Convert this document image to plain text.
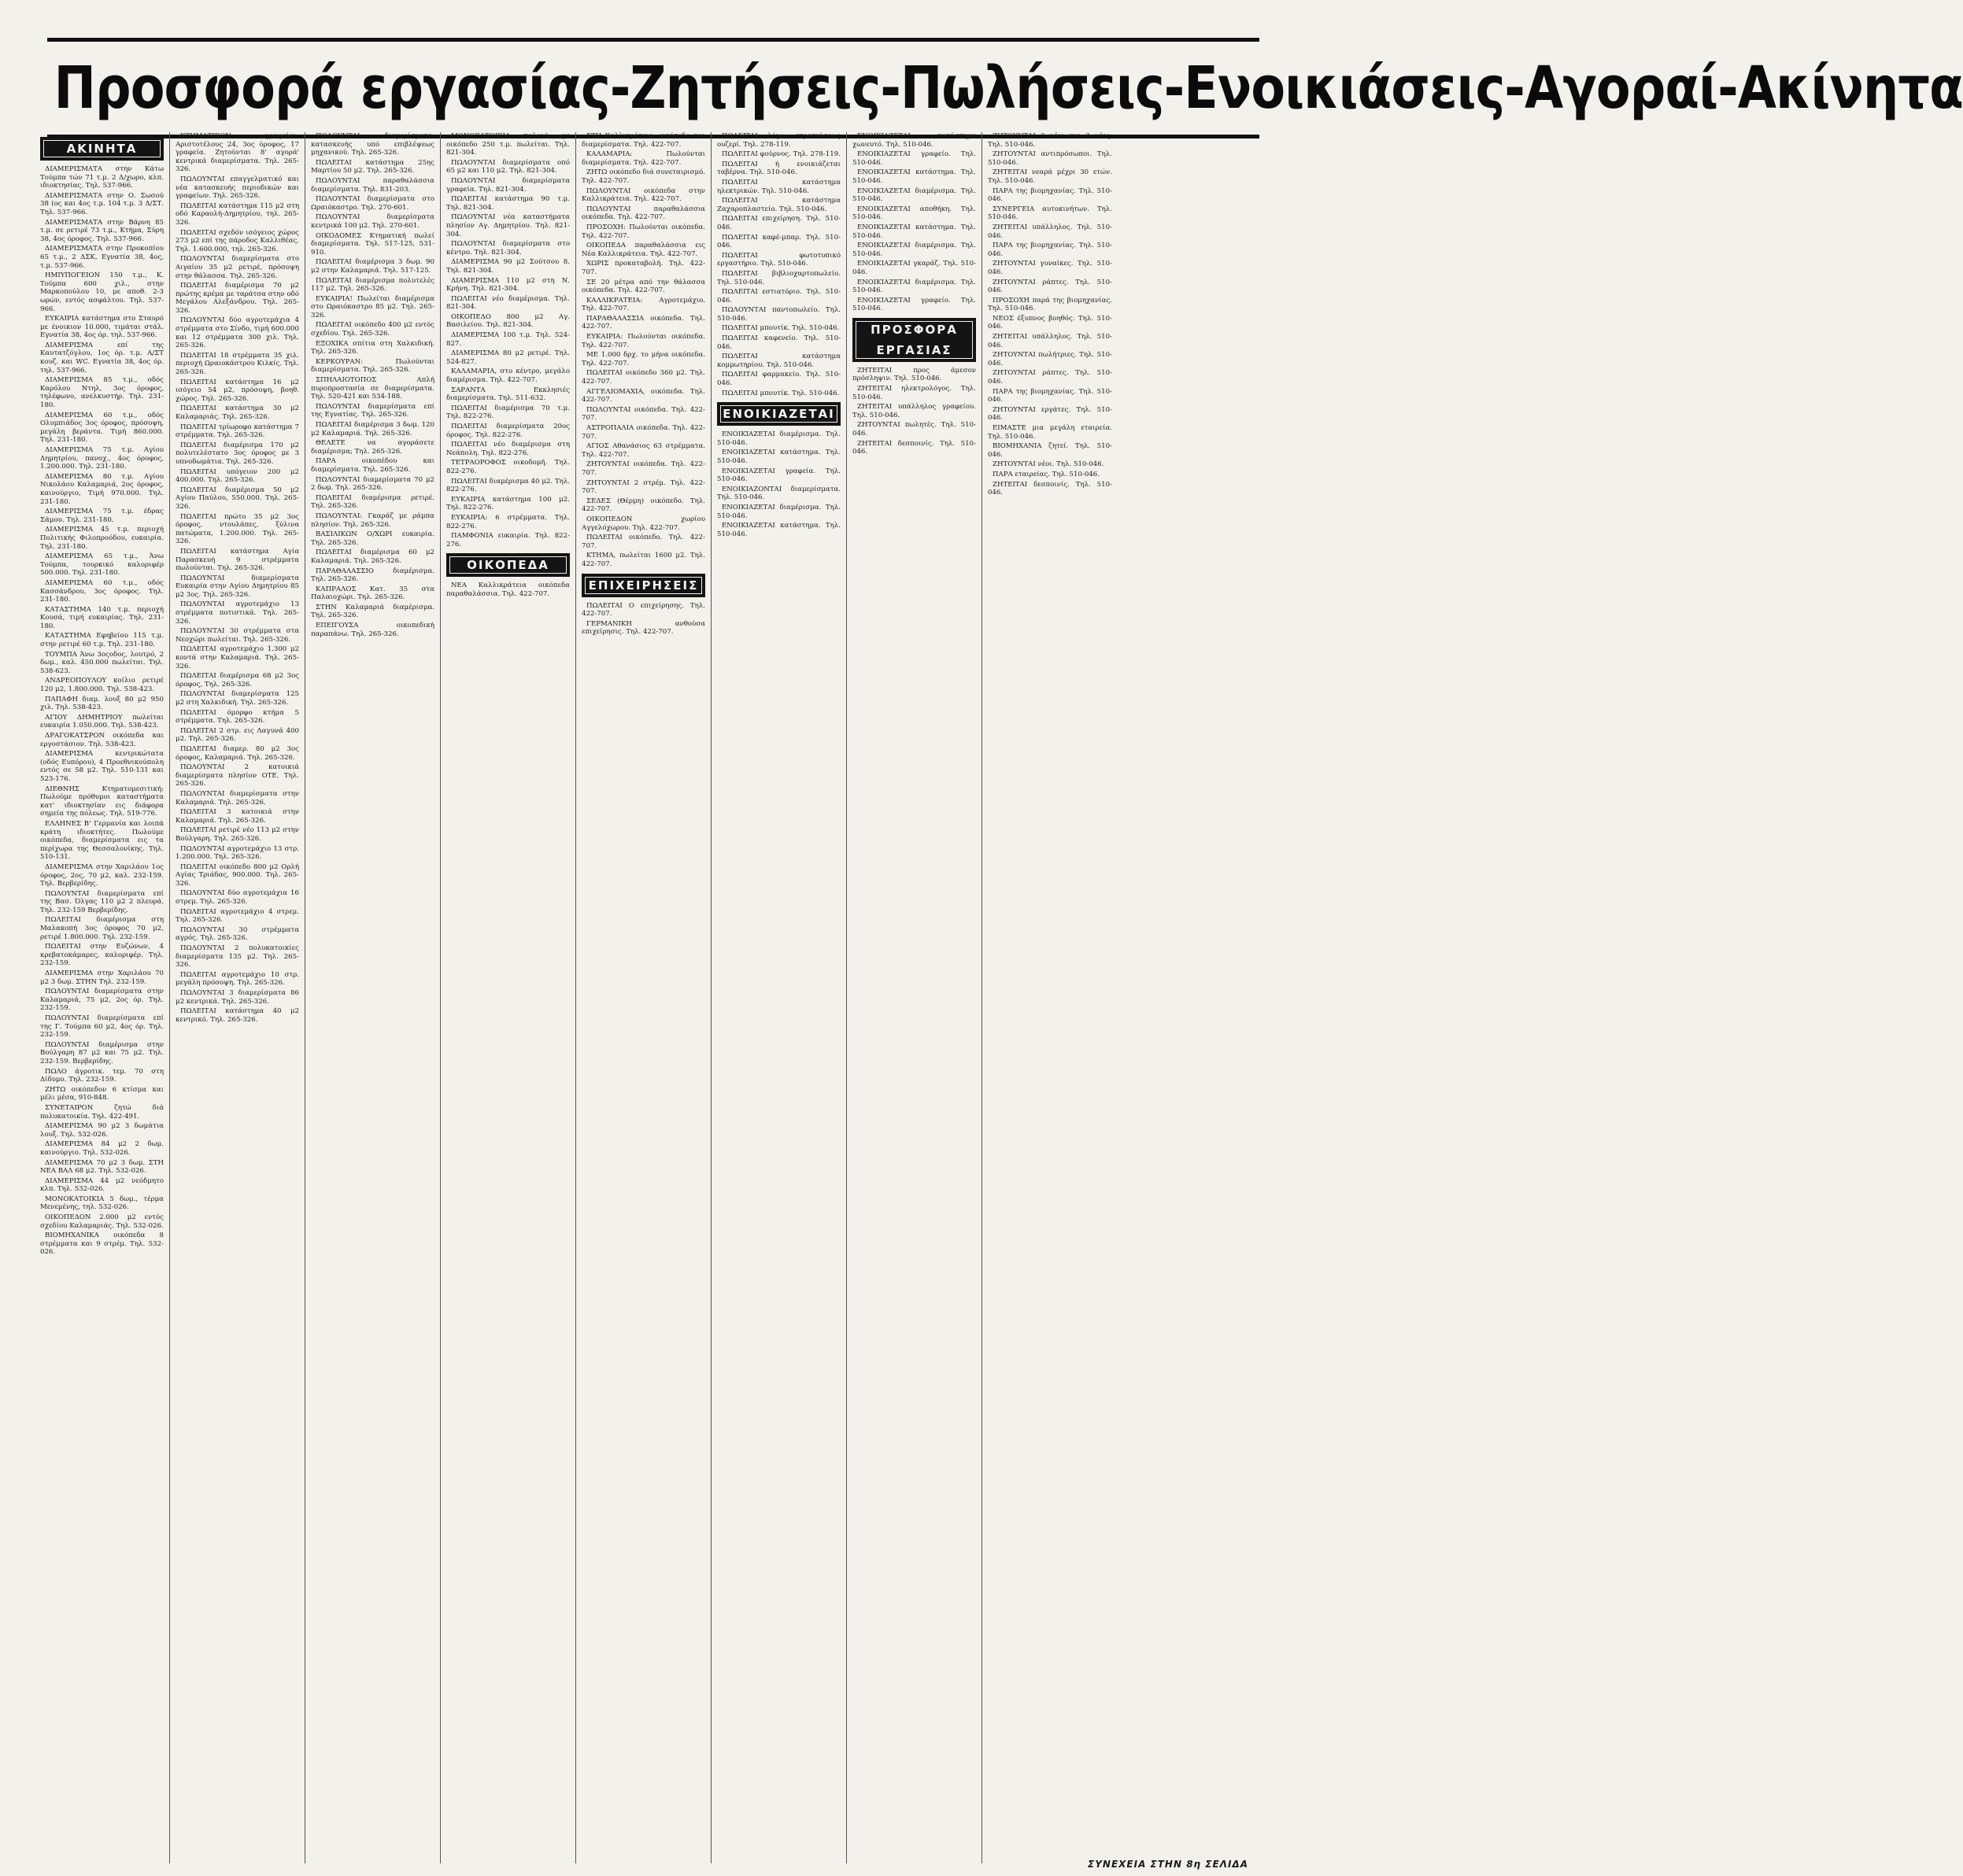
Προσφορά εργασίας-Ζητήσεις-Πωλήσεις-Ενοικιάσεις-Αγοραί-Ακίνητα
ΑΚΙΝΗΤΑ

ΔΙΑΜΕΡΙΣΜΑΤΑ στην Κάτω Τούμπα τών 71 τ.μ. 2 Δ/χωρο, κλπ. ιδιοκτησίας. Τηλ. 537-966.

ΔΙΑΜΕΡΙΣΜΑΤΑ στην Ο. Σωσού 38 (ος και 4ος τ.μ. 104 τ.μ. 3 Δ/ΣΤ. Τηλ. 537-966.

ΔΙΑΜΕΡΙΣΜΑΤΑ στην Βάρνη 85 τ.μ. σε ρετιρέ 73 τ.μ., Κτήμα, Σύρη 38, 4ος όροφος. Τηλ. 537-966.

ΔΙΑΜΕΡΙΣΜΑΤΑ στην Προκοπίου 65 τ.μ., 2 ΔΣΚ, Εγνατία 38, 4ος, τ.μ. 537-966.

ΗΜΙΥΠΟΓΕΙΟΝ 150 τ.μ., Κ. Τούμπα 600 χιλ., στην Μαρκοπούλου 10, με αποθ. 2-3 ωρών, εντός ασφάλτου. Τηλ. 537-966.

ΕΥΚΑΙΡΙΑ κατάστημα στο Σταυρό με ένοικιον 10.000, τιμάται στάλ. Εγνατία 38, 4ος όρ. τηλ. 537-966.

ΔΙΑΜΕΡΙΣΜΑ επί της Καυτατζόγλου, 1ος όρ. τ.μ. Α/ΣΤ κουζ. και WC. Εγνατία 38, 4ος όρ. τηλ. 537-966.

ΔΙΑΜΕΡΙΣΜΑ 85 τ.μ., οδός Καρόλου Ντηλ, 3ος όροφος, τηλέφωνο, ανελκυστήρ. Τηλ. 231-180.

ΔΙΑΜΕΡΙΣΜΑ 60 τ.μ., οδός Ολυμπιάδος 3ος όροφος, πρόσοψη, μεγάλη βεράντα. Τιμή 860.000. Τηλ. 231-180.

ΔΙΑΜΕΡΙΣΜΑ 75 τ.μ. Αγίου Δημητρίου, πανοχ., 4ος όροφος, 1.200.000. Τηλ. 231-180.

ΔΙΑΜΕΡΙΣΜΑ 80 τ.μ. Αγίου Νικολάου Καλαμαριά, 2ος όροφος, καινούργιο, Τιμή 970.000. Τηλ. 231-180.

ΔΙΑΜΕΡΙΣΜΑ 75 τ.μ. έδρας Σάμου. Τηλ. 231-180.

ΔΙΑΜΕΡΙΣΜΑ 45 τ.μ. περιοχή Πολιτικής Φιλοπροόδου, ευκαιρία. Τηλ. 231-180.

ΔΙΑΜΕΡΙΣΜΑ 65 τ.μ., Άνω Τούμπα, τουρκικό καλοριφέρ 500.000. Τηλ. 231-180.

ΔΙΑΜΕΡΙΣΜΑ 60 τ.μ., οδός Κασσάνδρου, 3ος όροφος. Τηλ. 231-180.

ΚΑΤΑΣΤΗΜΑ 140 τ.μ. περιοχή Κουσά, τιμή ευκαιρίας. Τηλ. 231-180.

ΚΑΤΑΣΤΗΜΑ Εφηβείου 115 τ.μ. στην ρετιρέ 60 τ.μ. Τηλ. 231-180.

ΤΟΥΜΠΑ Άνω 3οςοδος, λουτρό, 2 δωμ., καλ. 450.000 πωλείται. Τηλ. 538-623.

ΑΝΔΡΕΟΠΟΥΛΟΥ κοίλιο ρετιρέ 120 μ2, 1.800.000. Τηλ. 538-423.

ΠΑΠΑΦΗ διαμ. λουξ 80 μ2 950 χιλ. Τηλ. 538-423.

ΑΓΙΟΥ ΔΗΜΗΤΡΙΟΥ πωλείται ευκαιρία 1.050.000. Τηλ. 538-423.

ΔΡΑΓΟΚΑΤΣΡΟΝ οικόπεδα και εργοστάσιον. Τηλ. 538-423.

ΔΙΑΜΕΡΙΣΜΑ κεντρικώτατα (οδός Ευπόρου), 4 Προεθνικούπολη εντός σε 58 μ2. Τηλ. 510-131 και 523-176.

ΔΙΕΘΝΗΣ Κτηματομεσιτική: Πωλούμε πρόθυμοι καταστήματα κατ' ιδιοκτησίαν εις διάφορα σημεία της πόλεως. Τηλ. 519-776.

ΕΛΛΗΝΕΣ Β' Γερμανία και λοιπά κράτη ιδιοκτήτες. Πωλούμε οικόπεδα, διαμερίσματα εις τα περίχωρα της Θεσσαλονίκης. Τηλ. 510-131.

ΔΙΑΜΕΡΙΣΜΑ στην Χαριλάου 1ος όροφος, 2ος, 70 μ2, καλ. 232-159. Τηλ. Βερβερίδης.

ΠΩΛΟΥΝΤΑΙ διαμερίσματα επί της Βασ. Όλγας 110 μ2 2 πλευρά. Τηλ. 232-159 Βερβερίδης.

ΠΩΛΕΙΤΑΙ διαμέρισμα στη Μαλακοπή 3ος όροφος 70 μ2, ρετιρέ 1.800.000. Τηλ. 232-159.

ΠΩΛΕΙΤΑΙ στην Ευζώνων, 4 κρεβατοκάμαρες, καλοριφέρ. Τηλ. 232-159.

ΔΙΑΜΕΡΙΣΜΑ στην Χαριλάου 70 μ2 3 δωμ. ΣΤΗΝ Τηλ. 232-159.

ΠΩΛΟΥΝΤΑΙ διαμερίσματα στην Καλαμαριά, 75 μ2, 2ος όρ. Τηλ. 232-159.

ΠΩΛΟΥΝΤΑΙ διαμερίσματα επί της Γ. Τούμπα 60 μ2, 4ος όρ. Τηλ. 232-159.

ΠΩΛΟΥΝΤΑΙ διαμέρισμα στην Βούλγαρη 87 μ2 και 75 μ2. Τηλ. 232-159. Βερβερίδης.

ΠΩΛΟ άγροτικ. τεμ. 70 στη Δίδυμο. Τηλ. 232-159.

ΖΗΤΩ οικόπεδον 6 κτίσμα και μέλι μέσα, 910-848.

ΣΥΝΕΤΑΙΡΟΝ ζητώ διά πολυκατοικία. Τηλ. 422-491.

ΔΙΑΜΕΡΙΣΜΑ 90 μ2 3 δωμάτια λουξ. Τηλ. 532-026.

ΔΙΑΜΕΡΙΣΜΑ 84 μ2 2 δωμ. καινούργιο. Τηλ. 532-026.

ΔΙΑΜΕΡΙΣΜΑ 70 μ2 3 δωμ. ΣΤΗ ΝΕΑ ΒΑΛ 68 μ2. Τηλ. 532-026.

ΔΙΑΜΕΡΙΣΜΑ 44 μ2 νεόδμητο κλπ. Τηλ. 532-026.

ΜΟΝΟΚΑΤΟΙΚΙΑ 5 δωμ., τέρμα Μενεμένης, τηλ. 532-026.

ΟΙΚΟΠΕΔΟΝ 2.000 μ2 εντός σχεδίου Καλαμαριάς. Τηλ. 532-026.

ΒΙΟΜΗΧΑΝΙΚΑ οικόπεδα 8 στρέμματα και 9 στρέμ. Τηλ. 532-026.

ΚΤΗΜΑΤΙΚΟΝ γραφείον, Αριστοτέλους 24, 3ος όροφος, 17 γραφεία. Ζητούνται 8' αγορά' κεντρικά διαμερίσματα. Τηλ. 265-326.

ΠΩΛΟΥΝΤΑΙ επαγγελματικό και νέα κατασκευής περιοδικών και γραφείων. Τηλ. 265-326.

ΠΩΛΕΙΤΑΙ κατάστημα 115 μ2 στη οδό Καραολή-Δημητρίου, τηλ. 265-326.

ΠΩΛΕΙΤΑΙ σχεδόν ισόγειος χώρος 273 μ2 επί της πάροδος Καλλιθέας. Τηλ. 1.600.000, τηλ. 265-326.

ΠΩΛΟΥΝΤΑΙ διαμερίσματα στο Αιγαίου 35 μ2 ρετιρέ, πρόσοψη στην θάλασσα. Τηλ. 265-326.

ΠΩΛΕΙΤΑΙ διαμέρισμα 70 μ2 πρώτης κρέμα με ταράτσα στην οδό Μεγάλου Αλεξάνδρου. Τηλ. 265-326.

ΠΩΛΟΥΝΤΑΙ δύο αγροτεμάχια 4 στρέμματα στο Σίνδο, τιμή 600.000 και 12 στρέμματα 300 χιλ. Τηλ. 265-326.

ΠΩΛΕΙΤΑΙ 18 στρέμματα 35 χιλ. περιοχή Ωραιοκάστρου Κιλκίς. Τηλ. 265-326.

ΠΩΛΕΙΤΑΙ κατάστημα 16 μ2 ισόγειο 54 μ2, πρόσοψη, βοηθ. χώρος. Τηλ. 265-326.

ΠΩΛΕΙΤΑΙ κατάστημα 30 μ2 Καλαμαριάς. Τηλ. 265-326.

ΠΩΛΕΙΤΑΙ τρίωροφο κατάστημα 7 στρέμματα. Τηλ. 265-326.

ΠΩΛΕΙΤΑΙ διαμέρισμα 170 μ2 πολυτελέστατο 3ος όροφος με 3 υπνοδωμάτια. Τηλ. 265-326.

ΠΩΛΕΙΤΑΙ υπόγειον 200 μ2 400.000. Τηλ. 265-326.

ΠΩΛΕΙΤΑΙ διαμέρισμα 50 μ2 Αγίου Παύλου, 550.000. Τηλ. 265-326.

ΠΩΛΕΙΤΑΙ πρώτο 35 μ2 3ος όροφος, ντουλάπες, ξύλινα πατώματα, 1.200.000. Τηλ. 265-326.

ΠΩΛΕΙΤΑΙ κατάστημα Αγία Παρασκευή 9 στρέμματα πωλούνται. Τηλ. 265-326.

ΠΩΛΟΥΝΤΑΙ διαμερίσματα Ευκαιρία στην Αγίου Δημητρίου 85 μ2 3ος. Τηλ. 265-326.

ΠΩΛΟΥΝΤΑΙ αγροτεμάχιο 13 στρέμματα ποτιστικά. Τηλ. 265-326.

ΠΩΛΟΥΝΤΑΙ 30 στρέμματα στα Νεοχώρι πωλείται. Τηλ. 265-326.

ΠΩΛΕΙΤΑΙ αγροτεμάχιο 1.300 μ2 κοντά στην Καλαμαριά. Τηλ. 265-326.

ΠΩΛΕΙΤΑΙ διαμέρισμα 68 μ2 3ος όροφος, Τηλ. 265-326.

ΠΩΛΟΥΝΤΑΙ διαμερίσματα 125 μ2 στη Χαλκιδική. Τηλ. 265-326.

ΠΩΛΕΙΤΑΙ όμορφο κτήμα 5 στρέμματα. Τηλ. 265-326.

ΠΩΛΕΙΤΑΙ 2 στρ. εις Λαγυνά 400 μ2. Τηλ. 265-326.

ΠΩΛΕΙΤΑΙ διαμερ. 80 μ2 3ος όροφος, Καλαμαριά. Τηλ. 265-326.

ΠΩΛΟΥΝΤΑΙ 2 κατοικιά διαμερίσματα πλησίον ΟΤΕ. Τηλ. 265-326.

ΠΩΛΟΥΝΤΑΙ διαμερίσματα στην Καλαμαριά. Τηλ. 265-326.

ΠΩΛΕΙΤΑΙ 3 κατοικιά στην Καλαμαριά. Τηλ. 265-326.

ΠΩΛΕΙΤΑΙ ρετιρέ νέο 113 μ2 στην Βούλγαρη. Τηλ. 265-326.

ΠΩΛΟΥΝΤΑΙ αγροτεμάχιο 13 στρ. 1.200.000. Τηλ. 265-326.

ΠΩΛΕΙΤΑΙ οικόπεδο 800 μ2 Ορλή Αγίας Τριάδας, 900.000. Τηλ. 265-326.

ΠΩΛΟΥΝΤΑΙ δύο αγροτεμάχια 16 στρεμ. Τηλ. 265-326.

ΠΩΛΕΙΤΑΙ αγροτεμάχιο 4 στρεμ. Τηλ. 265-326.

ΠΩΛΟΥΝΤΑΙ 30 στρέμματα αγρός. Τηλ. 265-326.

ΠΩΛΟΥΝΤΑΙ 2 πολυκατοικίες διαμερίσματα 135 μ2. Τηλ. 265-326.

ΠΩΛΕΙΤΑΙ αγροτεμάχιο 10 στρ. μεγάλη πρόσοψη. Τηλ. 265-326.

ΠΩΛΟΥΝΤΑΙ 3 διαμερίσματα 86 μ2 κεντρικά. Τηλ. 265-326.

ΠΩΛΕΙΤΑΙ κατάστημα 40 μ2 κεντρικό. Τηλ. 265-326.

ΠΩΛΟΥΝΤΑΙ διαμερίσματα, κατασκευής υπό επιβλέψεως μηχανικού. Τηλ. 265-326.

ΠΩΛΕΙΤΑΙ κατάστημα 25ης Μαρτίου 50 μ2. Τηλ. 265-326.

ΠΩΛΟΥΝΤΑΙ παραθαλάσσια διαμερίσματα. Τηλ. 831-203.

ΠΩΛΟΥΝΤΑΙ διαμερίσματα στο Ωραιόκαστρο. Τηλ. 270-601.

ΠΩΛΟΥΝΤΑΙ διαμερίσματα κεντρικά 100 μ2. Τηλ. 270-601.

ΟΙΚΟΔΟΜΕΣ Κτηματική πωλεί διαμερίσματα. Τηλ. 517-125, 531-910.

ΠΩΛΕΙΤΑΙ διαμέρισμα 3 δωμ. 90 μ2 στην Καλαμαριά. Τηλ. 517-125.

ΠΩΛΕΙΤΑΙ διαμέρισμα πολυτελές 117 μ2. Τηλ. 265-326.

ΕΥΚΑΙΡΙΑ! Πωλείται διαμέρισμα στο Ωραιόκαστρο 85 μ2. Τηλ. 265-326.

ΠΩΛΕΙΤΑΙ οικόπεδο 400 μ2 εντός σχεδίου. Τηλ. 265-326.

ΕΞΟΧΙΚΑ σπίτια στη Χαλκιδική. Τηλ. 265-326.

ΚΕΡΚΟΥΡΑΝ: Πωλούνται διαμερίσματα. Τηλ. 265-326.

ΣΠΗΛΑΙΟΤΟΠΟΣ Απλή πυροπροστασία σε διαμερίσματα. Τηλ. 520-421 και 534-188.

ΠΩΛΟΥΝΤΑΙ διαμερίσματα επί της Εγνατίας. Τηλ. 265-326.

ΠΩΛΕΙΤΑΙ διαμέρισμα 3 δωμ. 120 μ2 Καλαμαριά. Τηλ. 265-326.

ΘΕΛΕΤΕ να αγοράσετε διαμέρισμα; Τηλ. 265-326.

ΠΑΡΑ οικοπέδου και διαμερίσματα. Τηλ. 265-326.

ΠΩΛΟΥΝΤΑΙ διαμερίσματα 70 μ2 2 δωμ. Τηλ. 265-326.

ΠΩΛΕΙΤΑΙ διαμέρισμα ρετιρέ. Τηλ. 265-326.

ΠΩΛΟΥΝΤΑΙ: Γκαράζ με ράμπα πλησίον. Τηλ. 265-326.

ΒΑΣΙΛΙΚΩΝ Ο/ΧΩΡΙ ευκαιρία. Τηλ. 265-326.

ΠΩΛΕΙΤΑΙ διαμέρισμα 60 μ2 Καλαμαριά. Τηλ. 265-326.

ΠΑΡΑΘΑΛΑΣΣΙΟ διαμέρισμα. Τηλ. 265-326.

ΚΑΠΡΑΛΟΣ Κατ. 35 στα Παλαιοχώρι. Τηλ. 265-326.

ΣΤΗΝ Καλαμαριά διαμέρισμα. Τηλ. 265-326.

ΕΠΕΙΓΟΥΣΑ οικοπεδική παραπάνω. Τηλ. 265-326.

ΜΟΝΟΚΑΤΟΙΚΙΑ παλαιά με οικόπεδο 250 τ.μ. πωλείται. Τηλ. 821-304.

ΠΩΛΟΥΝΤΑΙ διαμερίσματα οπό 65 μ2 και 110 μ2. Τηλ. 821-304.

ΠΩΛΟΥΝΤΑΙ διαμερίσματα γραφεία. Τηλ. 821-304.

ΠΩΛΕΙΤΑΙ κατάστημα 90 τ.μ. Τηλ. 821-304.

ΠΩΛΟΥΝΤΑΙ νέα καταστήματα πλησίον Αγ. Δημητρίου. Τηλ. 821-304.

ΠΩΛΟΥΝΤΑΙ διαμερίσματα στο κέντρο. Τηλ. 821-304.

ΔΙΑΜΕΡΙΣΜΑ 90 μ2 Σούτσου 8. Τηλ. 821-304.

ΔΙΑΜΕΡΙΣΜΑ 110 μ2 στη Ν. Κρήνη. Τηλ. 821-304.

ΠΩΛΕΙΤΑΙ νέο διαμέρισμα. Τηλ. 821-304.

ΟΙΚΟΠΕΔΟ 800 μ2 Αγ. Βασιλείου. Τηλ. 821-304.

ΔΙΑΜΕΡΙΣΜΑ 100 τ.μ. Τηλ. 524-827.

ΔΙΑΜΕΡΙΣΜΑ 80 μ2 ρετιρέ. Τηλ. 524-827.

ΚΑΛΑΜΑΡΙΑ, στο κέντρο, μεγάλο διαμέρισμα. Τηλ. 422-707.

ΣΑΡΑΝΤΑ Εκκλησιές διαμερίσματα. Τηλ. 511-632.

ΠΩΛΕΙΤΑΙ διαμέρισμα 70 τ.μ. Τηλ. 822-276.

ΠΩΛΕΙΤΑΙ διαμερίσματα 20ος όροφος. Τηλ. 822-276.

ΠΩΛΕΙΤΑΙ νέο διαμέρισμα στη Νεάπολη. Τηλ. 822-276.

ΤΕΤΡΑΟΡΟΦΟΣ οικοδομή. Τηλ. 822-276.

ΠΩΛΕΙΤΑΙ διαμέρισμα 40 μ2. Τηλ. 822-276.

ΕΥΚΑΙΡΙΑ κατάστημα 100 μ2. Τηλ. 822-276.

ΕΥΚΑΙΡΙΑ: 6 στρέμματα. Τηλ. 822-276.

ΠΑΜΦΟΝΙΑ ευκαιρία. Τηλ. 822-276.

ΟΙΚΟΠΕΔΑ

ΝΕΑ Καλλικράτεια οικόπεδα παραθαλάσσια. Τηλ. 422-707.

ΣΤΗ Καλλικράτεια, οικόπεδα και διαμερίσματα. Τηλ. 422-707.

ΚΑΛΑΜΑΡΙΑ: Πωλούνται διαμερίσματα. Τηλ. 422-707.

ΖΗΤΩ οικόπεδο διά συνεταιρισμό. Τηλ. 422-707.

ΠΩΛΟΥΝΤΑΙ οικόπεδα στην Καλλικράτεια. Τηλ. 422-707.

ΠΩΛΟΥΝΤΑΙ παραθαλάσσια οικόπεδα. Τηλ. 422-707.

ΠΡΟΣΟΧΗ: Πωλούνται οικόπεδα. Τηλ. 422-707.

ΟΙΚΟΠΕΔΑ παραθαλάσσια εις Νέα Καλλικράτεια. Τηλ. 422-707.

ΧΩΡΙΣ προκαταβολή. Τηλ. 422-707.

ΣΕ 20 μέτρα από την θάλασσα οικόπεδα. Τηλ. 422-707.

ΚΑΛΛΙΚΡΑΤΕΙΑ: Αγροτεμάχιο. Τηλ. 422-707.

ΠΑΡΑΘΑΛΑΣΣΙΑ οικόπεδα. Τηλ. 422-707.

ΕΥΚΑΙΡΙΑ: Πωλούνται οικόπεδα. Τηλ. 422-707.

ΜΕ 1.000 δρχ. το μήνα οικόπεδα. Τηλ. 422-707.

ΠΩΛΕΙΤΑΙ οικόπεδο 360 μ2. Τηλ. 422-707.

ΑΓΓΕΛΙΟΜΑΧΙΑ, οικόπεδα. Τηλ. 422-707.

ΠΩΛΟΥΝΤΑΙ οικόπεδα. Τηλ. 422-707.

ΑΣΤΡΟΠΑΛΙΑ οικόπεδα. Τηλ. 422-707.

ΑΓΙΟΣ Αθανάσιος 63 στρέμματα. Τηλ. 422-707.

ΖΗΤΟΥΝΤΑΙ οικόπεδα. Τηλ. 422-707.

ΖΗΤΟΥΝΤΑΙ 2 στρέμ. Τηλ. 422-707.

ΣΕΔΕΣ (Θέρμη) οικόπεδο. Τηλ. 422-707.

ΟΙΚΟΠΕΔΟΝ χωρίου Αγγελόχωρου. Τηλ. 422-707.

ΠΩΛΕΙΤΑΙ οικόπεδο. Τηλ. 422-707.

ΚΤΗΜΑ, πωλείται 1600 μ2. Τηλ. 422-707.

ΕΠΙΧΕΙΡΗΣΕΙΣ

ΠΩΛΕΙΤΑΙ Ο επιχείρησης. Τηλ. 422-707.

ΓΕΡΜΑΝΙΚΗ ανθούσα επιχείρησις. Τηλ. 422-707.

ΠΩΛΕΙΤΑΙ λόγω στρατεύσεως ουζερί. Τηλ. 278-119.

ΠΩΛΕΙΤΑΙ φούρνος. Τηλ. 278-119.

ΠΩΛΕΙΤΑΙ ή ενοικιάζεται ταβέρνα. Τηλ. 510-046.

ΠΩΛΕΙΤΑΙ κατάστημα ηλεκτρικών. Τηλ. 510-046.

ΠΩΛΕΙΤΑΙ κατάστημα Ζαχαροπλαστείο. Τηλ. 510-046.

ΠΩΛΕΙΤΑΙ επιχείρηση. Τηλ. 510-046.

ΠΩΛΕΙΤΑΙ καφέ-μπαρ. Τηλ. 510-046.

ΠΩΛΕΙΤΑΙ φωτοτυπικό εργαστήριο. Τηλ. 510-046.

ΠΩΛΕΙΤΑΙ βιβλιοχαρτοπωλείο. Τηλ. 510-046.

ΠΩΛΕΙΤΑΙ εστιατόριο. Τηλ. 510-046.

ΠΩΛΟΥΝΤΑΙ παντοπωλείο. Τηλ. 510-046.

ΠΩΛΕΙΤΑΙ μπουτίκ. Τηλ. 510-046.

ΠΩΛΕΙΤΑΙ καφενείο. Τηλ. 510-046.

ΠΩΛΕΙΤΑΙ κατάστημα κομμωτηρίου. Τηλ. 510-046.

ΠΩΛΕΙΤΑΙ φαρμακείο. Τηλ. 510-046.

ΠΩΛΕΙΤΑΙ μπουτίκ. Τηλ. 510-046.

ΕΝΟΙΚΙΑΖΕΤΑΙ

ΕΝΟΙΚΙΑΖΕΤΑΙ διαμέρισμα. Τηλ. 510-046.

ΕΝΟΙΚΙΑΖΕΤΑΙ κατάστημα. Τηλ. 510-046.

ΕΝΟΙΚΙΑΖΕΤΑΙ γραφεία. Τηλ. 510-046.

ΕΝΟΙΚΙΑΖΟΝΤΑΙ διαμερίσματα. Τηλ. 510-046.

ΕΝΟΙΚΙΑΖΕΤΑΙ διαμέρισμα. Τηλ. 510-046.

ΕΝΟΙΚΙΑΖΕΤΑΙ κατάστημα. Τηλ. 510-046.

ΕΝΟΙΚΙΑΖΕΤΑΙ κατάστημα χωνευτό. Τηλ. 510-046.

ΕΝΟΙΚΙΑΖΕΤΑΙ γραφείο. Τηλ. 510-046.

ΕΝΟΙΚΙΑΖΕΤΑΙ κατάστημα. Τηλ. 510-046.

ΕΝΟΙΚΙΑΖΕΤΑΙ διαμέρισμα. Τηλ. 510-046.

ΕΝΟΙΚΙΑΖΕΤΑΙ αποθήκη. Τηλ. 510-046.

ΕΝΟΙΚΙΑΖΕΤΑΙ κατάστημα. Τηλ. 510-046.

ΕΝΟΙΚΙΑΖΕΤΑΙ διαμέρισμα. Τηλ. 510-046.

ΕΝΟΙΚΙΑΖΕΤΑΙ γκαράζ. Τηλ. 510-046.

ΕΝΟΙΚΙΑΖΕΤΑΙ διαμέρισμα. Τηλ. 510-046.

ΕΝΟΙΚΙΑΖΕΤΑΙ γραφείο. Τηλ. 510-046.

ΠΡΟΣΦΟΡΑ ΕΡΓΑΣΙΑΣ

ΖΗΤΕΙΤΑΙ προς άμεσον πρόσληψιν. Τηλ. 510-046.

ΖΗΤΕΙΤΑΙ ηλεκτρολόγος. Τηλ. 510-046.

ΖΗΤΕΙΤΑΙ υπάλληλος γραφείου. Τηλ. 510-046.

ΖΗΤΟΥΝΤΑΙ πωλητές. Τηλ. 510-046.

ΖΗΤΕΙΤΑΙ δεσποινίς. Τηλ. 510-046.

ΖΗΤΟΥΝΤΑΙ 3 νέοι και 2 νέες. Τηλ. 510-046.

ΖΗΤΟΥΝΤΑΙ αντιπρόσωποι. Τηλ. 510-046.

ΖΗΤΕΙΤΑΙ νεαρά μέχρι 30 ετών. Τηλ. 510-046.

ΠΑΡΑ της βιομηχανίας. Τηλ. 510-046.

ΣΥΝΕΡΓΕΙΑ αυτοκινήτων. Τηλ. 510-046.

ΖΗΤΕΙΤΑΙ υπάλληλος. Τηλ. 510-046.

ΠΑΡΑ της βιομηχανίας. Τηλ. 510-046.

ΖΗΤΟΥΝΤΑΙ γυναίκες. Τηλ. 510-046.

ΖΗΤΟΥΝΤΑΙ ράπτες. Τηλ. 510-046.

ΠΡΟΣΟΧΗ παρά της βιομηχανίας. Τηλ. 510-046.

ΝΕΟΣ έξυπνος βοηθός. Τηλ. 510-046.

ΖΗΤΕΙΤΑΙ υπάλληλος. Τηλ. 510-046.

ΖΗΤΟΥΝΤΑΙ πωλήτριες. Τηλ. 510-046.

ΖΗΤΟΥΝΤΑΙ ράπτες. Τηλ. 510-046.

ΠΑΡΑ της βιομηχανίας. Τηλ. 510-046.

ΖΗΤΟΥΝΤΑΙ εργάτες. Τηλ. 510-046.

ΕΙΜΑΣΤΕ μια μεγάλη εταιρεία. Τηλ. 510-046.

ΒΙΟΜΗΧΑΝΙΑ ζητεί. Τηλ. 510-046.

ΖΗΤΟΥΝΤΑΙ νέοι. Τηλ. 510-046.

ΠΑΡΑ εταιρείας. Τηλ. 510-046.

ΖΗΤΕΙΤΑΙ δεσποινίς. Τηλ. 510-046.

ΣΥΝΕΧΕΙΑ ΣΤΗΝ 8η ΣΕΛΙΔΑ
